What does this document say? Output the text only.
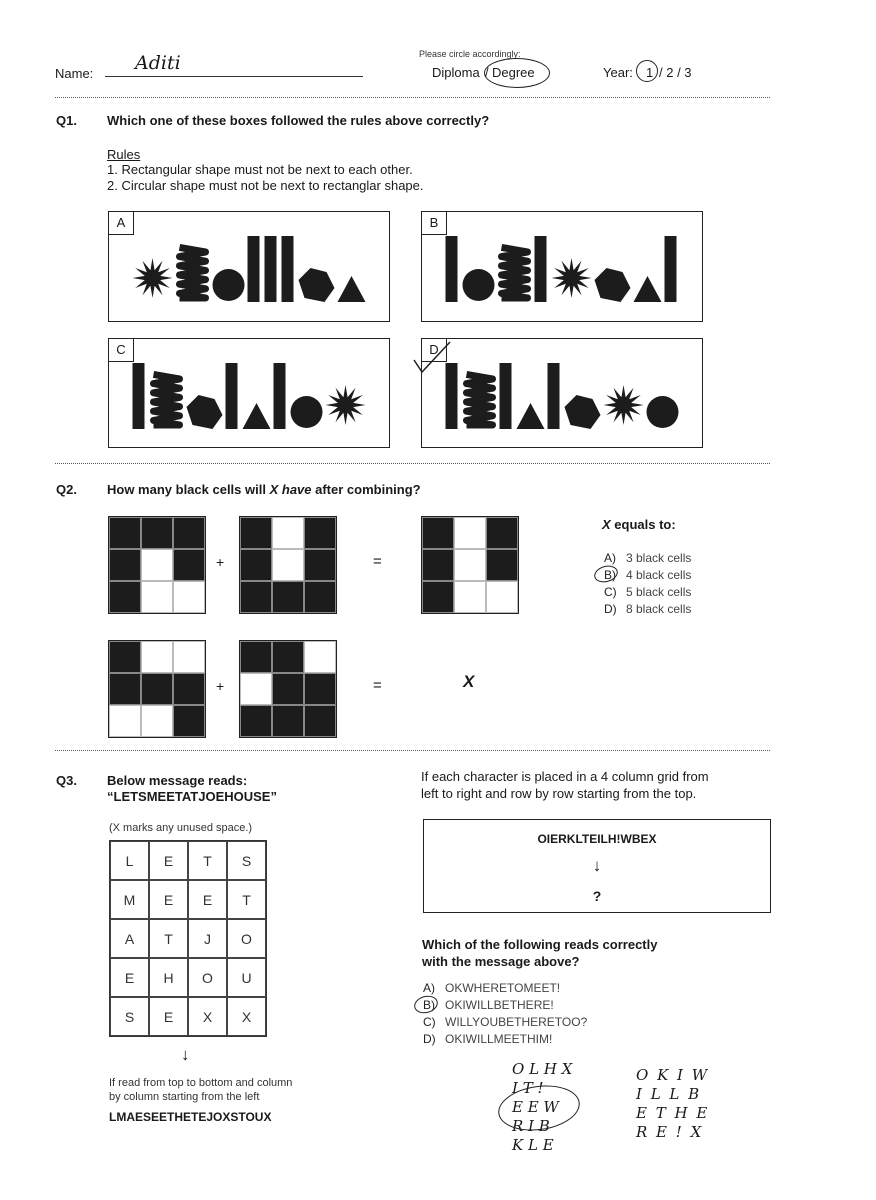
Name: Aditi	Please circle accordingly:
Diploma / Degree	Year: 1 / 2 / 3
Q1. Which one of these boxes followed the rules above correctly?
Rules
1. Rectangular shape must not be next to each other.
2. Circular shape must not be next to rectanglar shape.
A	B
C	D
Q2. How many black cells will X have after combining?
+	=
+	=	X
X equals to:
A) 3 black cells
B) 4 black cells
C) 5 black cells
D) 8 black cells
Q3. Below message reads:
“LETSMEETATJOEHOUSE”
(X marks any unused space.)
L	E	T	S
M	E	E	T
A	T	J	O
E	H	O	U
S	E	X	X
↓
If read from top to bottom and column
by column starting from the left
LMAESEETHETEJOXSTOUX
If each character is placed in a 4 column grid from
left to right and row by row starting from the top.
OIERKLTEILH!WBEX
↓
?
Which of the following reads correctly
with the message above?
A) OKWHERETOMEET!
B) OKIWILLBETHERE!
C) WILLYOUBETHERETOO?
D) OKIWILLMEETHIM!
O L H X
I T !
E E W
R I B
K L E
O K I W
I L L B
E T H E
R E ! X
